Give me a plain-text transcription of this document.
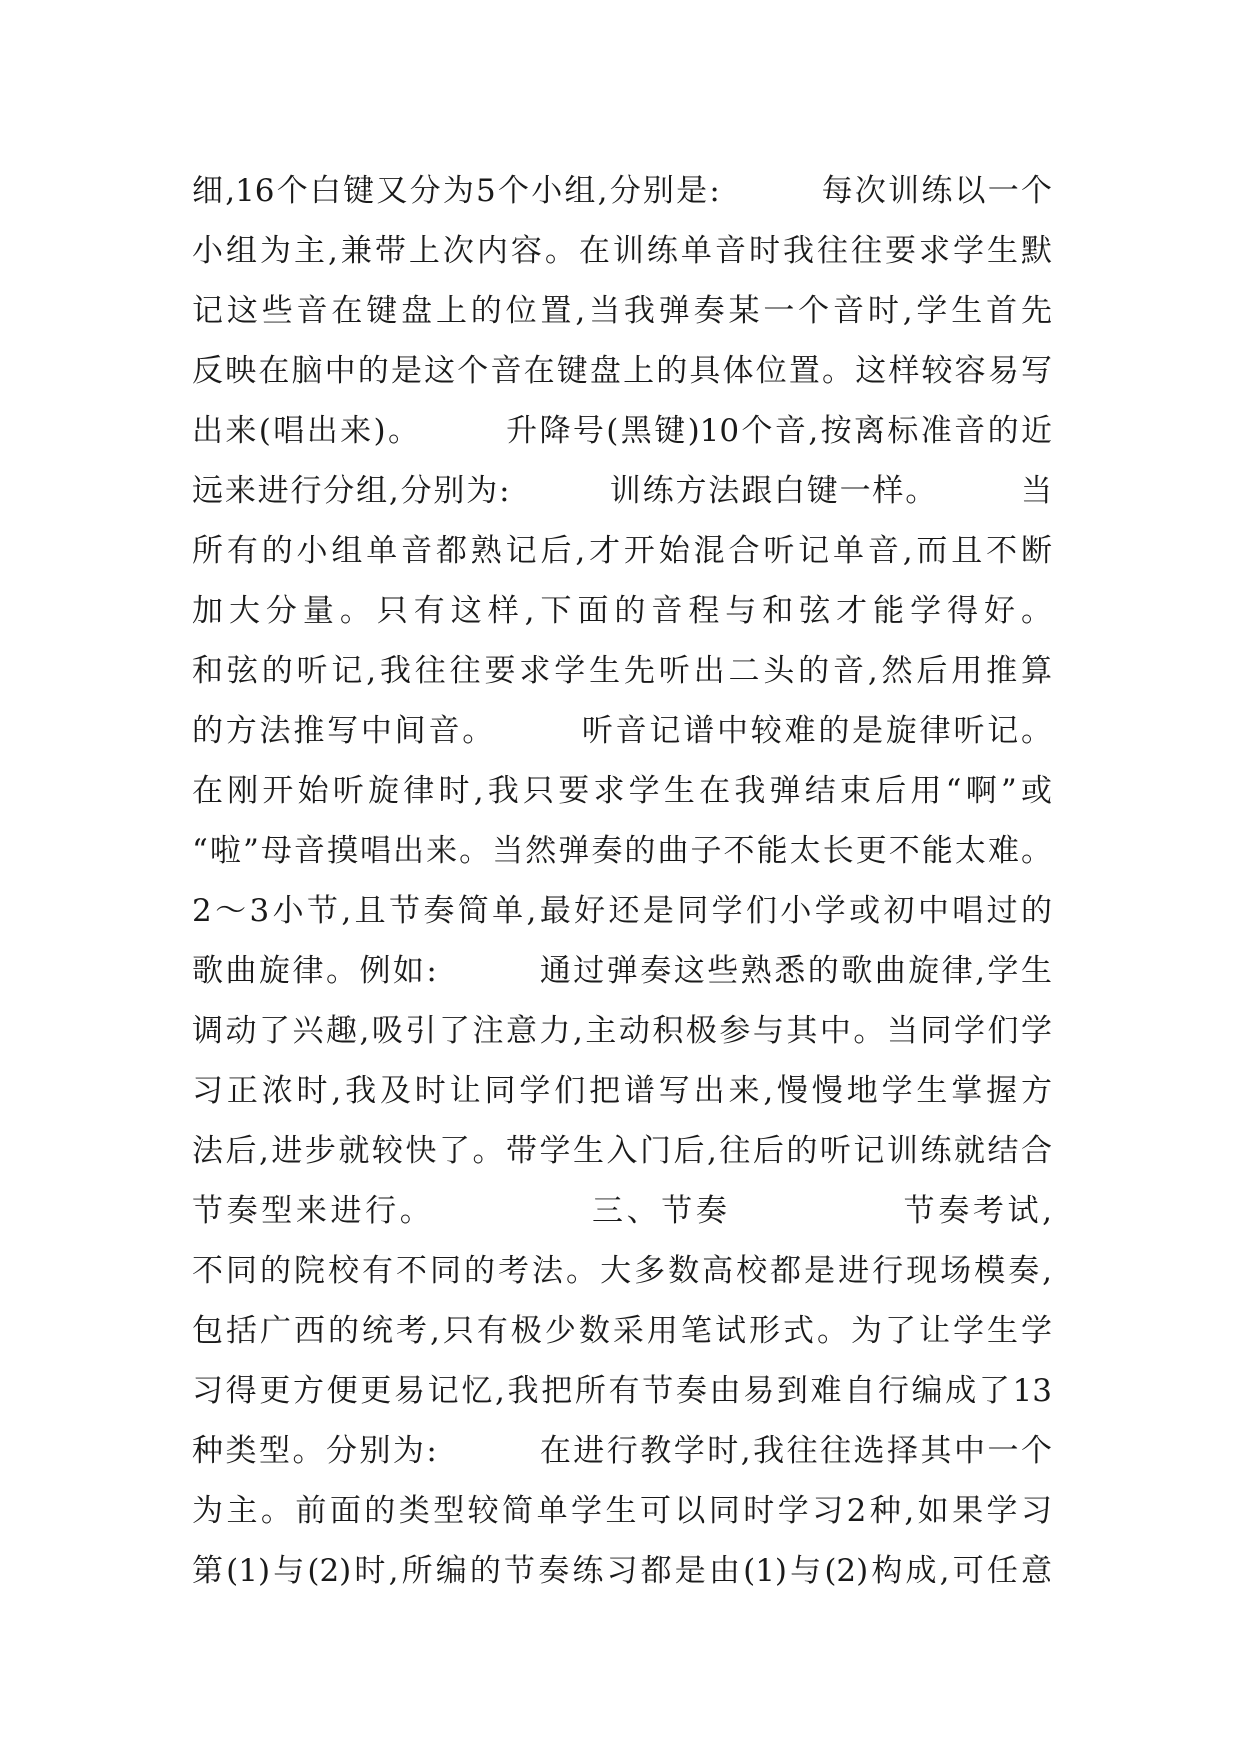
细,16个白键又分为5个小组,分别是:　　　每次训练以一个
小组为主,兼带上次内容。在训练单音时我往往要求学生默
记这些音在键盘上的位置,当我弹奏某一个音时,学生首先
反映在脑中的是这个音在键盘上的具体位置。这样较容易写
出来(唱出来)。　　　升降号(黑键)10个音,按离标准音的近
远来进行分组,分别为:　　　训练方法跟白键一样。　　　当
所有的小组单音都熟记后,才开始混合听记单音,而且不断
加大分量。只有这样,下面的音程与和弦才能学得好。
和弦的听记,我往往要求学生先听出二头的音,然后用推算
的方法推写中间音。　　　听音记谱中较难的是旋律听记。
在刚开始听旋律时,我只要求学生在我弹结束后用“啊”或
“啦”母音摸唱出来。当然弹奏的曲子不能太长更不能太难。
2～3小节,且节奏简单,最好还是同学们小学或初中唱过的
歌曲旋律。例如:　　　通过弹奏这些熟悉的歌曲旋律,学生
调动了兴趣,吸引了注意力,主动积极参与其中。当同学们学
习正浓时,我及时让同学们把谱写出来,慢慢地学生掌握方
法后,进步就较快了。带学生入门后,往后的听记训练就结合
节奏型来进行。　　　　　三、节奏　　　　　节奏考试,
不同的院校有不同的考法。大多数高校都是进行现场模奏,
包括广西的统考,只有极少数采用笔试形式。为了让学生学
习得更方便更易记忆,我把所有节奏由易到难自行编成了13
种类型。分别为:　　　在进行教学时,我往往选择其中一个
为主。前面的类型较简单学生可以同时学习2种,如果学习
第(1)与(2)时,所编的节奏练习都是由(1)与(2)构成,可任意
